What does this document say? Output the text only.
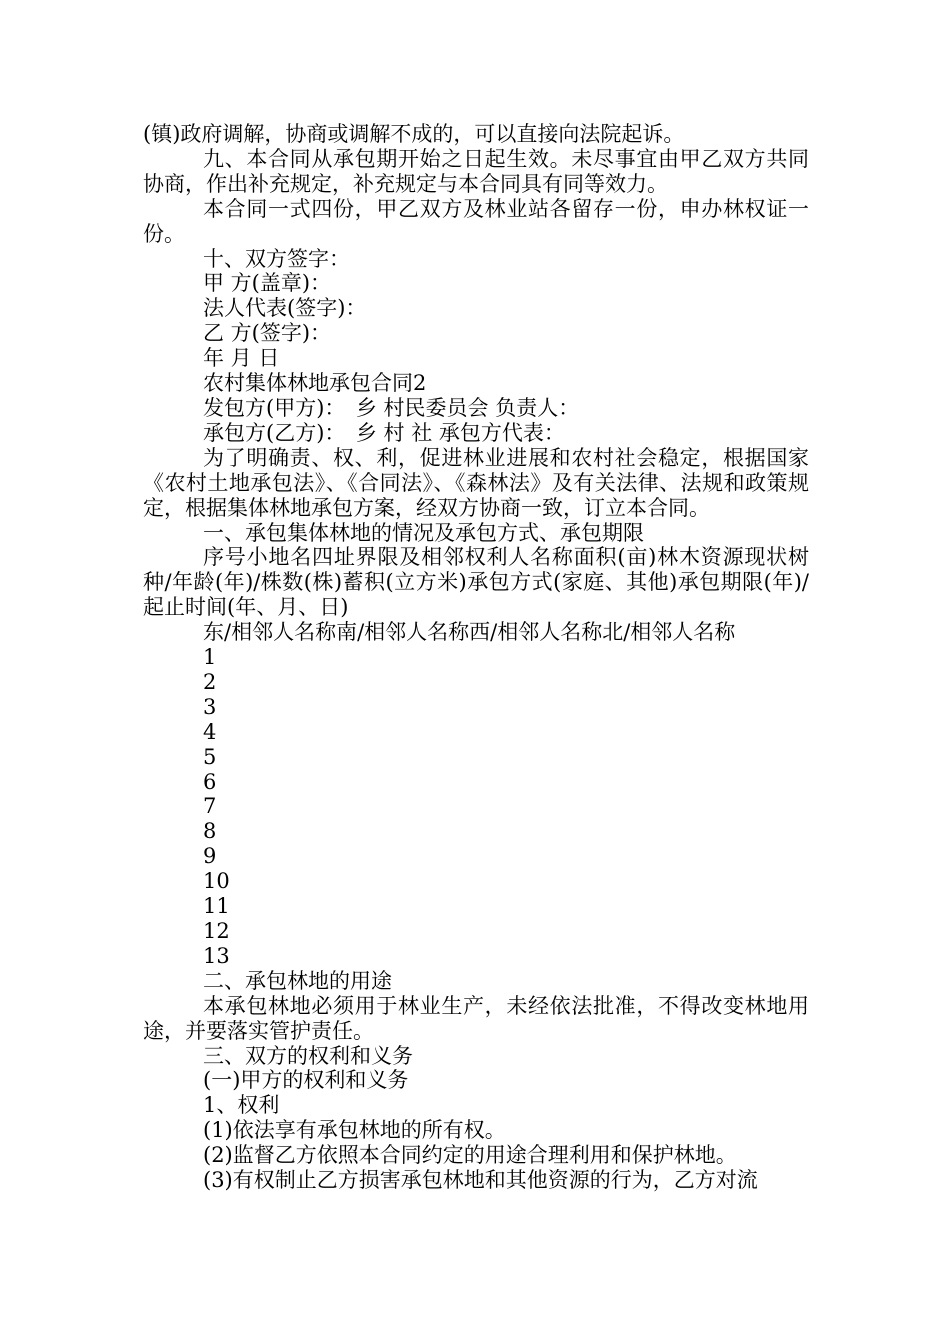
(镇)政府调解，协商或调解不成的，可以直接向法院起诉。

九、本合同从承包期开始之日起生效。未尽事宜由甲乙双方共同协商，作出补充规定，补充规定与本合同具有同等效力。

本合同一式四份，甲乙双方及林业站各留存一份，申办林权证一份。

十、双方签字：

甲 方(盖章)：

法人代表(签字)：

乙 方(签字)：

年 月 日

农村集体林地承包合同2

发包方(甲方)：　乡 村民委员会 负责人：

承包方(乙方)：　乡 村 社 承包方代表：

为了明确责、权、利，促进林业进展和农村社会稳定，根据国家《农村土地承包法》、《合同法》、《森林法》及有关法律、法规和政策规定，根据集体林地承包方案，经双方协商一致，订立本合同。

一、承包集体林地的情况及承包方式、承包期限

序号小地名四址界限及相邻权利人名称面积(亩)林木资源现状树种/年龄(年)/株数(株)蓄积(立方米)承包方式(家庭、其他)承包期限(年)/起止时间(年、月、日)

东/相邻人名称南/相邻人名称西/相邻人名称北/相邻人名称

1

2

3

4

5

6

7

8

9

10

11

12

13

二、承包林地的用途

本承包林地必须用于林业生产，未经依法批准，不得改变林地用途，并要落实管护责任。

三、双方的权利和义务

(一)甲方的权利和义务

1、权利

(1)依法享有承包林地的所有权。

(2)监督乙方依照本合同约定的用途合理利用和保护林地。

(3)有权制止乙方损害承包林地和其他资源的行为，乙方对流
